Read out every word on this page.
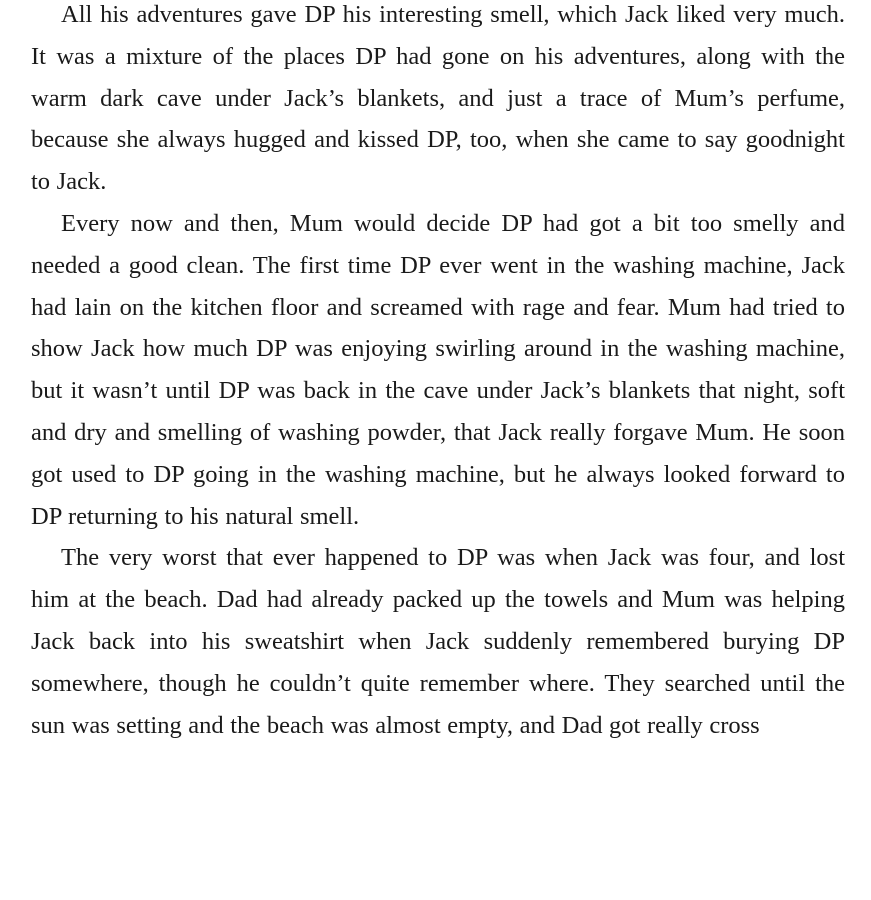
All his adventures gave DP his interesting smell, which Jack liked very much. It was a mixture of the places DP had gone on his adventures, along with the warm dark cave under Jack’s blankets, and just a trace of Mum’s perfume, because she always hugged and kissed DP, too, when she came to say goodnight to Jack.

Every now and then, Mum would decide DP had got a bit too smelly and needed a good clean. The first time DP ever went in the washing machine, Jack had lain on the kitchen floor and screamed with rage and fear. Mum had tried to show Jack how much DP was enjoying swirling around in the washing machine, but it wasn’t until DP was back in the cave under Jack’s blankets that night, soft and dry and smelling of washing powder, that Jack really forgave Mum. He soon got used to DP going in the washing machine, but he always looked forward to DP returning to his natural smell.

The very worst that ever happened to DP was when Jack was four, and lost him at the beach. Dad had already packed up the towels and Mum was helping Jack back into his sweatshirt when Jack suddenly remembered burying DP somewhere, though he couldn’t quite remember where. They searched until the sun was setting and the beach was almost empty, and Dad got really cross
